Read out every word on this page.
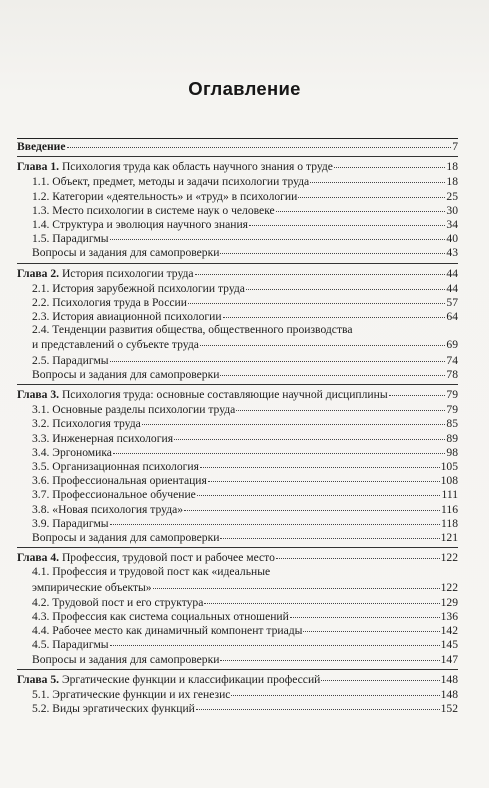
Оглавление
Введение	7
Глава 1. Психология труда как область научного знания о труде	18
1.1. Объект, предмет, методы и задачи психологии труда	18
1.2. Категории «деятельность» и «труд» в психологии	25
1.3. Место психологии в системе наук о человеке	30
1.4. Структура и эволюция научного знания	34
1.5. Парадигмы	40
Вопросы и задания для самопроверки	43
Глава 2. История психологии труда	44
2.1. История зарубежной психологии труда	44
2.2. Психология труда в России	57
2.3. История авиационной психологии	64
2.4. Тенденции развития общества, общественного производства
и представлений о субъекте труда	69
2.5. Парадигмы	74
Вопросы и задания для самопроверки	78
Глава 3. Психология труда: основные составляющие научной дисциплины	79
3.1. Основные разделы психологии труда	79
3.2. Психология труда	85
3.3. Инженерная психология	89
3.4. Эргономика	98
3.5. Организационная психология	105
3.6. Профессиональная ориентация	108
3.7. Профессиональное обучение	111
3.8. «Новая психология труда»	116
3.9. Парадигмы	118
Вопросы и задания для самопроверки	121
Глава 4. Профессия, трудовой пост и рабочее место	122
4.1. Профессия и трудовой пост как «идеальные
эмпирические объекты»	122
4.2. Трудовой пост и его структура	129
4.3. Профессия как система социальных отношений	136
4.4. Рабочее место как динамичный компонент триады	142
4.5. Парадигмы	145
Вопросы и задания для самопроверки	147
Глава 5. Эргатические функции и классификации профессий	148
5.1. Эргатические функции и их генезис	148
5.2. Виды эргатических функций	152
